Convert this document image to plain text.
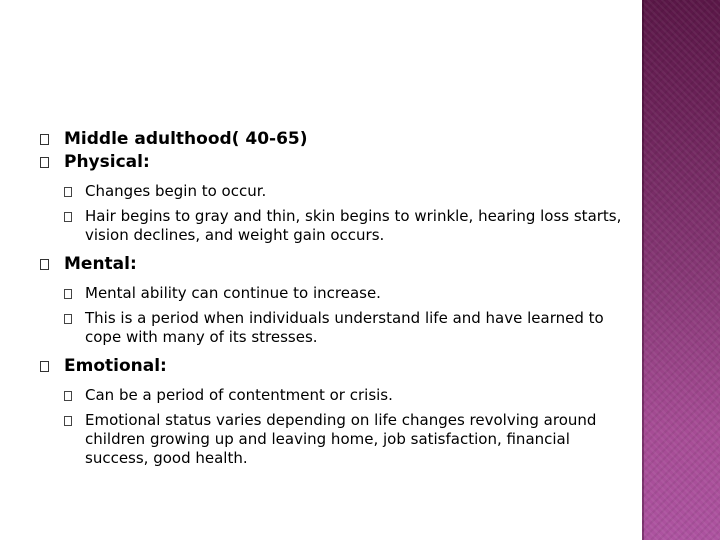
Middle adulthood( 40-65)
Physical:
Changes begin to occur.
Hair begins to gray and thin, skin begins to wrinkle, hearing loss starts, vision declines, and weight gain occurs.
Mental:
Mental ability can continue to increase.
This is a period when individuals understand life and have learned to cope with many of its stresses.
Emotional:
Can be a period of contentment or crisis.
Emotional status varies depending on life changes revolving around children growing up and leaving home, job satisfaction, financial success, good health.
